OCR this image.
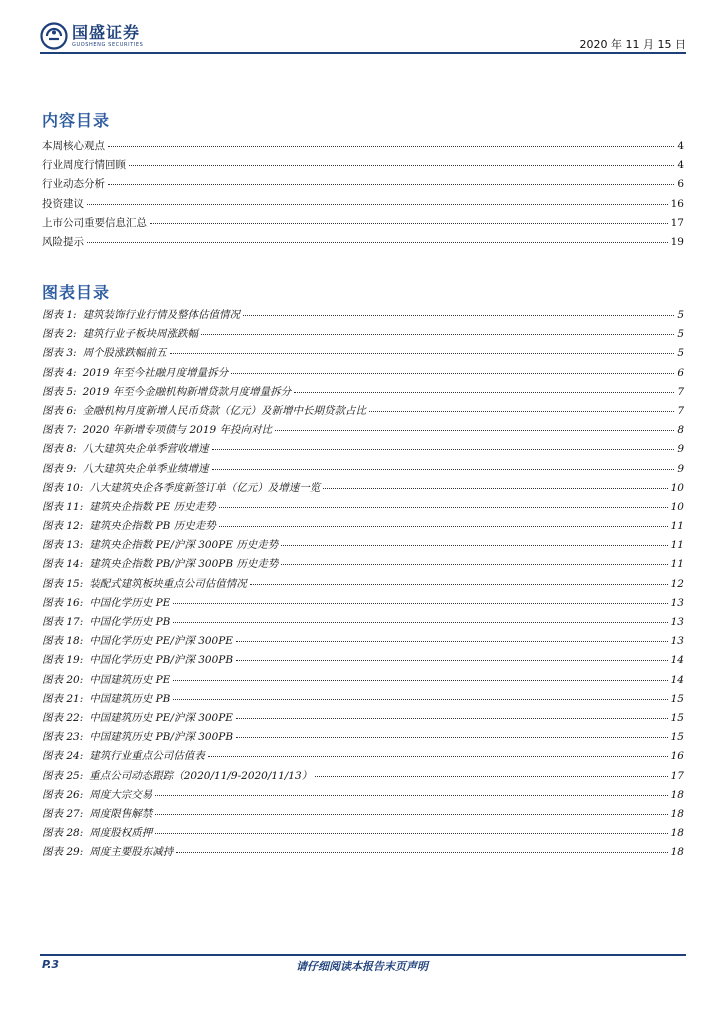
国盛证券
GUOSHENG SECURITIES	2020 年 11 月 15 日
内容目录
本周核心观点	4
行业周度行情回顾	4
行业动态分析	6
投资建议	16
上市公司重要信息汇总	17
风险提示	19
图表目录
图表 1: 建筑装饰行业行情及整体估值情况	5
图表 2: 建筑行业子板块周涨跌幅	5
图表 3: 周个股涨跌幅前五	5
图表 4: 2019 年至今社融月度增量拆分	6
图表 5: 2019 年至今金融机构新增贷款月度增量拆分	7
图表 6: 金融机构月度新增人民币贷款（亿元）及新增中长期贷款占比	7
图表 7: 2020 年新增专项债与 2019 年投向对比	8
图表 8: 八大建筑央企单季营收增速	9
图表 9: 八大建筑央企单季业绩增速	9
图表 10: 八大建筑央企各季度新签订单（亿元）及增速一览	10
图表 11: 建筑央企指数 PE 历史走势	10
图表 12: 建筑央企指数 PB 历史走势	11
图表 13: 建筑央企指数 PE/沪深 300PE 历史走势	11
图表 14: 建筑央企指数 PB/沪深 300PB 历史走势	11
图表 15: 装配式建筑板块重点公司估值情况	12
图表 16: 中国化学历史 PE	13
图表 17: 中国化学历史 PB	13
图表 18: 中国化学历史 PE/沪深 300PE	13
图表 19: 中国化学历史 PB/沪深 300PB	14
图表 20: 中国建筑历史 PE	14
图表 21: 中国建筑历史 PB	15
图表 22: 中国建筑历史 PE/沪深 300PE	15
图表 23: 中国建筑历史 PB/沪深 300PB	15
图表 24: 建筑行业重点公司估值表	16
图表 25: 重点公司动态跟踪（2020/11/9-2020/11/13）	17
图表 26: 周度大宗交易	18
图表 27: 周度限售解禁	18
图表 28: 周度股权质押	18
图表 29: 周度主要股东减持	18
P.3	请仔细阅读本报告末页声明
